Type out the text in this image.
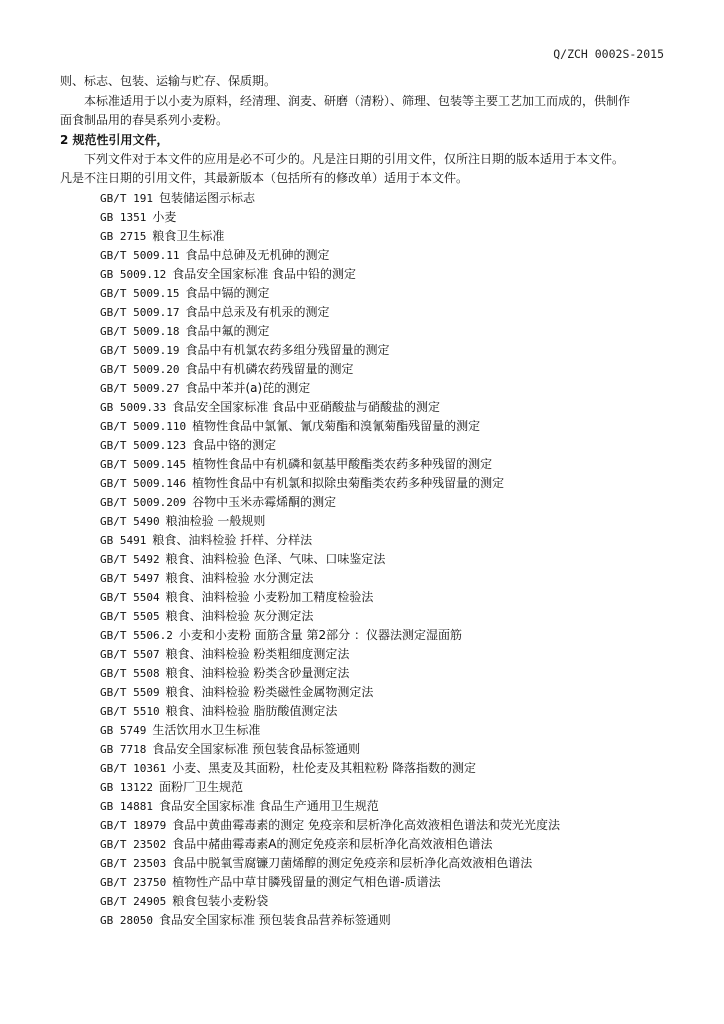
Q/ZCH 0002S-2015

则、标志、包装、运输与贮存、保质期。

本标准适用于以小麦为原料，经清理、润麦、研磨（清粉）、筛理、包装等主要工艺加工而成的，供制作

面食制品用的春昊系列小麦粉。

2 规范性引用文件，

下列文件对于本文件的应用是必不可少的。凡是注日期的引用文件，仅所注日期的版本适用于本文件。

凡是不注日期的引用文件，其最新版本（包括所有的修改单）适用于本文件。

GB/T 191 包装储运图示标志
GB 1351 小麦
GB 2715 粮食卫生标准
GB/T 5009.11 食品中总砷及无机砷的测定
GB 5009.12 食品安全国家标准 食品中铅的测定
GB/T 5009.15 食品中镉的测定
GB/T 5009.17 食品中总汞及有机汞的测定
GB/T 5009.18 食品中氟的测定
GB/T 5009.19 食品中有机氯农药多组分残留量的测定
GB/T 5009.20 食品中有机磷农药残留量的测定
GB/T 5009.27 食品中苯并(a)芘的测定
GB 5009.33 食品安全国家标准 食品中亚硝酸盐与硝酸盐的测定
GB/T 5009.110 植物性食品中氯氰、氰戊菊酯和溴氰菊酯残留量的测定
GB/T 5009.123 食品中铬的测定
GB/T 5009.145 植物性食品中有机磷和氨基甲酸酯类农药多种残留的测定
GB/T 5009.146 植物性食品中有机氯和拟除虫菊酯类农药多种残留量的测定
GB/T 5009.209 谷物中玉米赤霉烯酮的测定
GB/T 5490 粮油检验 一般规则
GB 5491 粮食、油料检验 扦样、分样法
GB/T 5492 粮食、油料检验 色泽、气味、口味鉴定法
GB/T 5497 粮食、油料检验 水分测定法
GB/T 5504 粮食、油料检验 小麦粉加工精度检验法
GB/T 5505 粮食、油料检验 灰分测定法
GB/T 5506.2 小麦和小麦粉 面筋含量 第2部分 ：仪器法测定湿面筋
GB/T 5507 粮食、油料检验 粉类粗细度测定法
GB/T 5508 粮食、油料检验 粉类含砂量测定法
GB/T 5509 粮食、油料检验 粉类磁性金属物测定法
GB/T 5510 粮食、油料检验 脂肪酸值测定法
GB 5749 生活饮用水卫生标准
GB 7718 食品安全国家标准 预包装食品标签通则
GB/T 10361 小麦、黑麦及其面粉，杜伦麦及其粗粒粉 降落指数的测定
GB 13122 面粉厂卫生规范
GB 14881 食品安全国家标准 食品生产通用卫生规范
GB/T 18979 食品中黄曲霉毒素的测定 免疫亲和层析净化高效液相色谱法和荧光光度法
GB/T 23502 食品中赭曲霉毒素A的测定免疫亲和层析净化高效液相色谱法
GB/T 23503 食品中脱氧雪腐镰刀菌烯醇的测定免疫亲和层析净化高效液相色谱法
GB/T 23750 植物性产品中草甘膦残留量的测定气相色谱-质谱法
GB/T 24905 粮食包装小麦粉袋
GB 28050 食品安全国家标准 预包装食品营养标签通则
